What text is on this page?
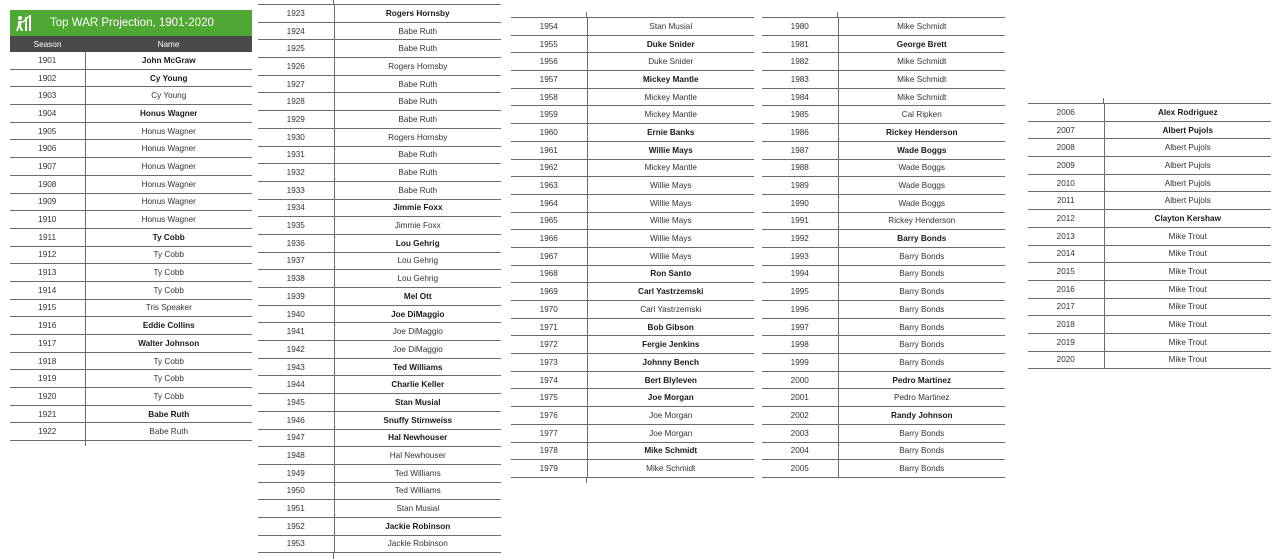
Top WAR Projection, 1901-2020
Season	Name
1901	John McGraw
1902	Cy Young
1903	Cy Young
1904	Honus Wagner
1905	Honus Wagner
1906	Honus Wagner
1907	Honus Wagner
1908	Honus Wagner
1909	Honus Wagner
1910	Honus Wagner
1911	Ty Cobb
1912	Ty Cobb
1913	Ty Cobb
1914	Ty Cobb
1915	Tris Speaker
1916	Eddie Collins
1917	Walter Johnson
1918	Ty Cobb
1919	Ty Cobb
1920	Ty Cobb
1921	Babe Ruth
1922	Babe Ruth
1923	Rogers Hornsby
1924	Babe Ruth
1925	Babe Ruth
1926	Rogers Hornsby
1927	Babe Ruth
1928	Babe Ruth
1929	Babe Ruth
1930	Rogers Hornsby
1931	Babe Ruth
1932	Babe Ruth
1933	Babe Ruth
1934	Jimmie Foxx
1935	Jimmie Foxx
1936	Lou Gehrig
1937	Lou Gehrig
1938	Lou Gehrig
1939	Mel Ott
1940	Joe DiMaggio
1941	Joe DiMaggio
1942	Joe DiMaggio
1943	Ted Williams
1944	Charlie Keller
1945	Stan Musial
1946	Snuffy Stirnweiss
1947	Hal Newhouser
1948	Hal Newhouser
1949	Ted Williams
1950	Ted Williams
1951	Stan Musial
1952	Jackie Robinson
1953	Jackie Robinson
1954	Stan Musial
1955	Duke Snider
1956	Duke Snider
1957	Mickey Mantle
1958	Mickey Mantle
1959	Mickey Mantle
1960	Ernie Banks
1961	Willie Mays
1962	Mickey Mantle
1963	Willie Mays
1964	Willie Mays
1965	Willie Mays
1966	Willie Mays
1967	Willie Mays
1968	Ron Santo
1969	Carl Yastrzemski
1970	Carl Yastrzemski
1971	Bob Gibson
1972	Fergie Jenkins
1973	Johnny Bench
1974	Bert Blyleven
1975	Joe Morgan
1976	Joe Morgan
1977	Joe Morgan
1978	Mike Schmidt
1979	Mike Schmidt
1980	Mike Schmidt
1981	George Brett
1982	Mike Schmidt
1983	Mike Schmidt
1984	Mike Schmidt
1985	Cal Ripken
1986	Rickey Henderson
1987	Wade Boggs
1988	Wade Boggs
1989	Wade Boggs
1990	Wade Boggs
1991	Rickey Henderson
1992	Barry Bonds
1993	Barry Bonds
1994	Barry Bonds
1995	Barry Bonds
1996	Barry Bonds
1997	Barry Bonds
1998	Barry Bonds
1999	Barry Bonds
2000	Pedro Martinez
2001	Pedro Martinez
2002	Randy Johnson
2003	Barry Bonds
2004	Barry Bonds
2005	Barry Bonds
2006	Alex Rodriguez
2007	Albert Pujols
2008	Albert Pujols
2009	Albert Pujols
2010	Albert Pujols
2011	Albert Pujols
2012	Clayton Kershaw
2013	Mike Trout
2014	Mike Trout
2015	Mike Trout
2016	Mike Trout
2017	Mike Trout
2018	Mike Trout
2019	Mike Trout
2020	Mike Trout
